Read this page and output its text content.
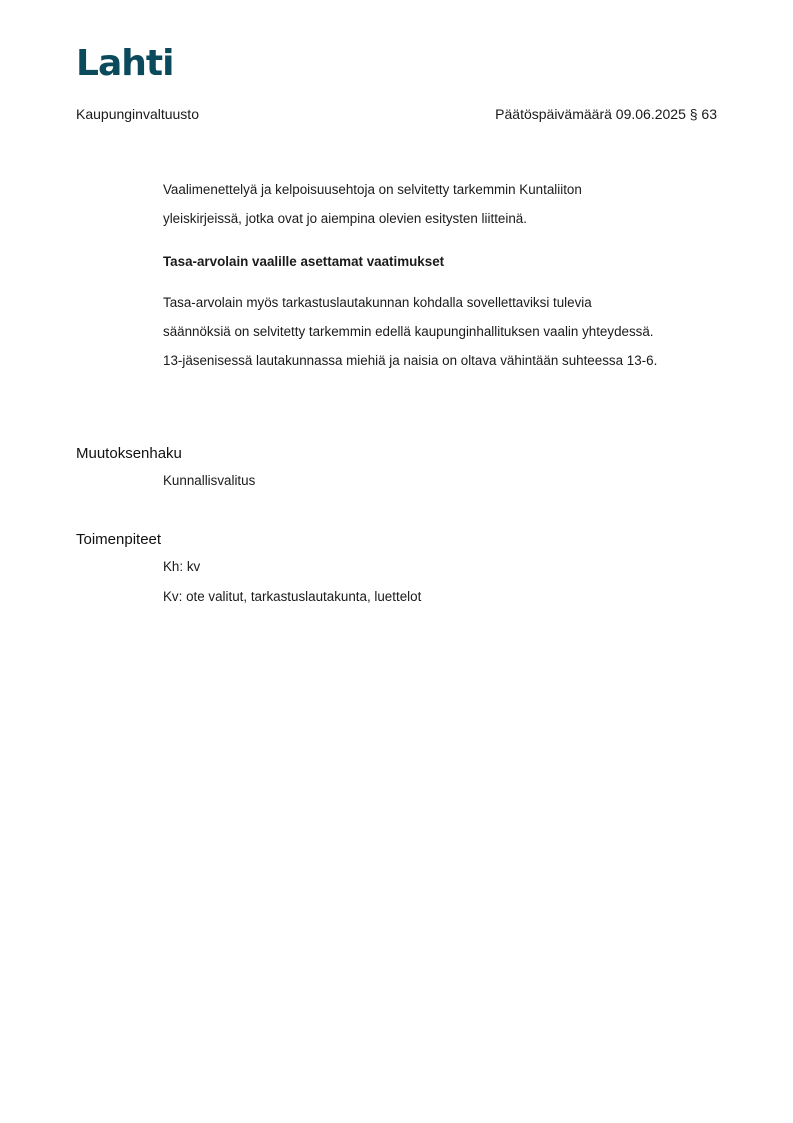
Lahti
Kaupunginvaltuusto	Päätöspäivämäärä 09.06.2025 § 63

Vaalimenettelyä ja kelpoisuusehtoja on selvitetty tarkemmin Kuntaliiton

yleiskirjeissä, jotka ovat jo aiempina olevien esitysten liitteinä.

Tasa-arvolain vaalille asettamat vaatimukset

Tasa-arvolain myös tarkastuslautakunnan kohdalla sovellettaviksi tulevia

säännöksiä on selvitetty tarkemmin edellä kaupunginhallituksen vaalin yhteydessä.

13-jäsenisessä lautakunnassa miehiä ja naisia on oltava vähintään suhteessa 13-6.

Muutoksenhaku
Kunnallisvalitus
Toimenpiteet
Kh: kv
Kv: ote valitut, tarkastuslautakunta, luettelot
